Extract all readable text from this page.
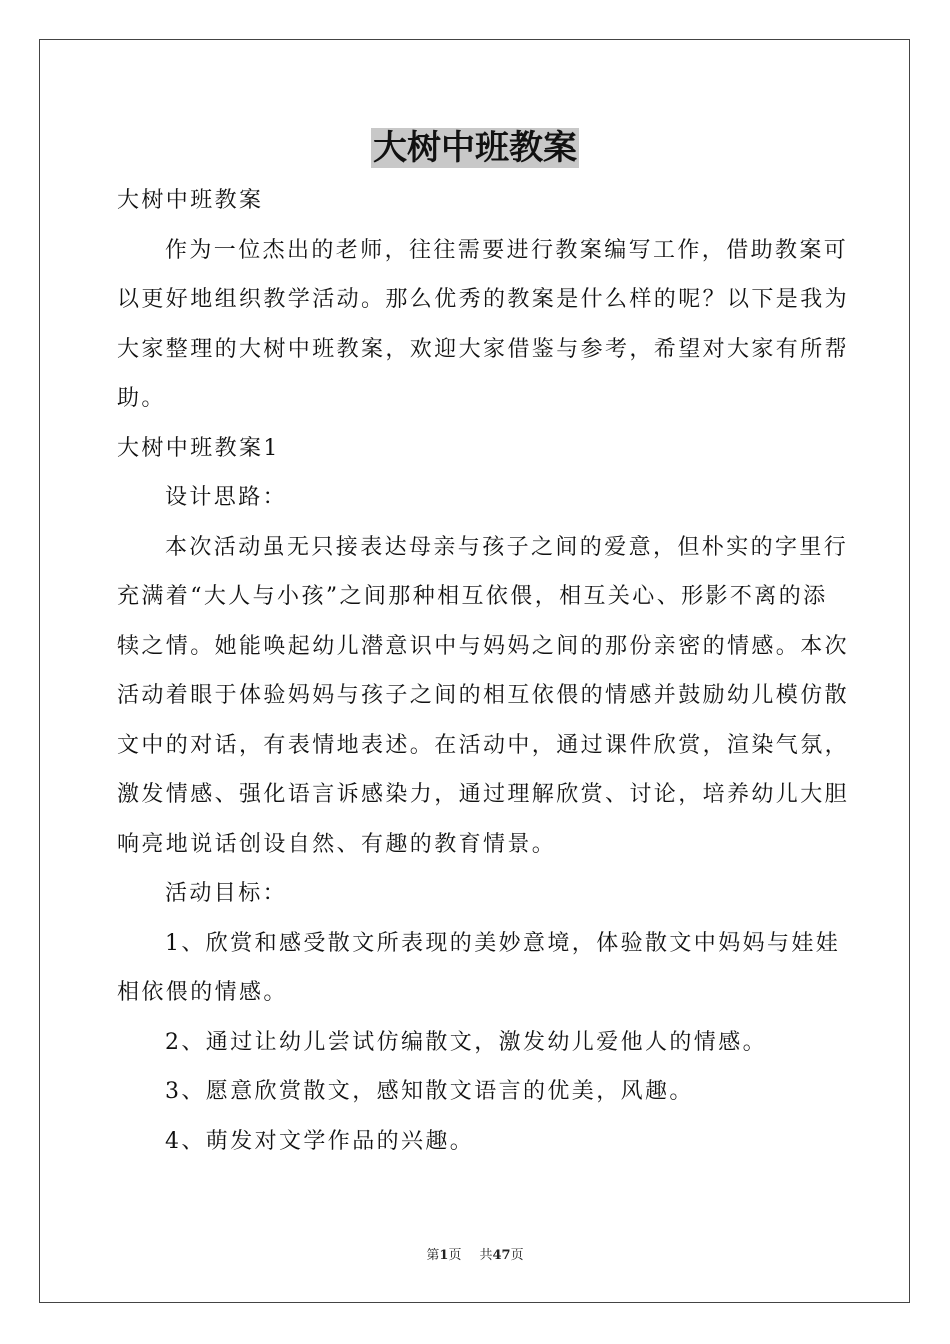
大树中班教案

大树中班教案

作为一位杰出的老师，往往需要进行教案编写工作，借助教案可

以更好地组织教学活动。那么优秀的教案是什么样的呢？以下是我为

大家整理的大树中班教案，欢迎大家借鉴与参考，希望对大家有所帮

助。

大树中班教案1

设计思路：

本次活动虽无只接表达母亲与孩子之间的爱意，但朴实的字里行

充满着“大人与小孩”之间那种相互依偎，相互关心、形影不离的添

犊之情。她能唤起幼儿潜意识中与妈妈之间的那份亲密的情感。本次

活动着眼于体验妈妈与孩子之间的相互依偎的情感并鼓励幼儿模仿散

文中的对话，有表情地表述。在活动中，通过课件欣赏，渲染气氛，

激发情感、强化语言诉感染力，通过理解欣赏、讨论，培养幼儿大胆

响亮地说话创设自然、有趣的教育情景。

活动目标：

1、欣赏和感受散文所表现的美妙意境，体验散文中妈妈与娃娃

相依偎的情感。

2、通过让幼儿尝试仿编散文，激发幼儿爱他人的情感。

3、愿意欣赏散文，感知散文语言的优美，风趣。

4、萌发对文学作品的兴趣。

第1页 共47页
